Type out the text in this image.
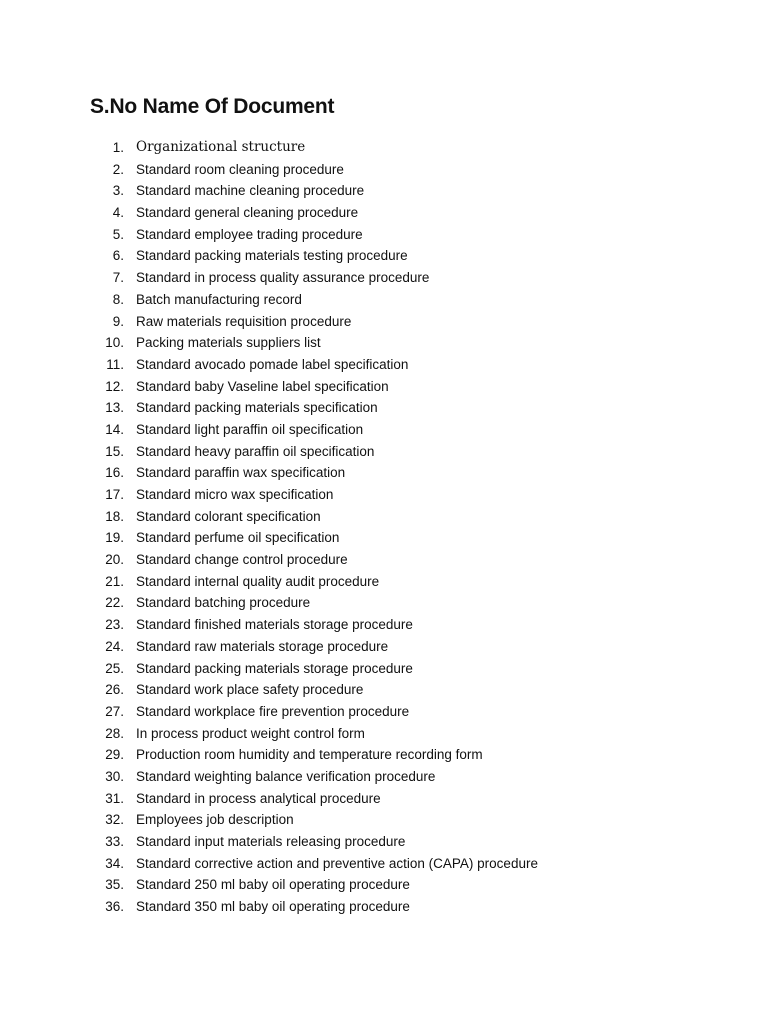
S.No Name Of Document
1. Organizational structure
2. Standard room cleaning procedure
3. Standard machine cleaning procedure
4. Standard general cleaning procedure
5. Standard employee trading procedure
6. Standard packing materials testing procedure
7. Standard in process quality assurance procedure
8. Batch manufacturing record
9. Raw materials requisition procedure
10. Packing materials suppliers list
11. Standard avocado pomade label specification
12. Standard baby Vaseline label specification
13. Standard packing materials specification
14. Standard light paraffin oil specification
15. Standard heavy paraffin oil specification
16. Standard paraffin wax specification
17. Standard micro wax specification
18. Standard colorant specification
19. Standard perfume oil specification
20. Standard change control procedure
21. Standard internal quality audit procedure
22. Standard batching procedure
23. Standard finished materials storage procedure
24. Standard raw materials storage procedure
25. Standard packing materials storage procedure
26. Standard work place safety procedure
27. Standard workplace fire prevention procedure
28. In process product weight control form
29. Production room humidity and temperature recording form
30. Standard weighting balance verification procedure
31. Standard in process analytical procedure
32. Employees job description
33. Standard input materials releasing procedure
34. Standard corrective action and preventive action (CAPA) procedure
35. Standard 250 ml baby oil operating procedure
36. Standard 350 ml baby oil operating procedure
